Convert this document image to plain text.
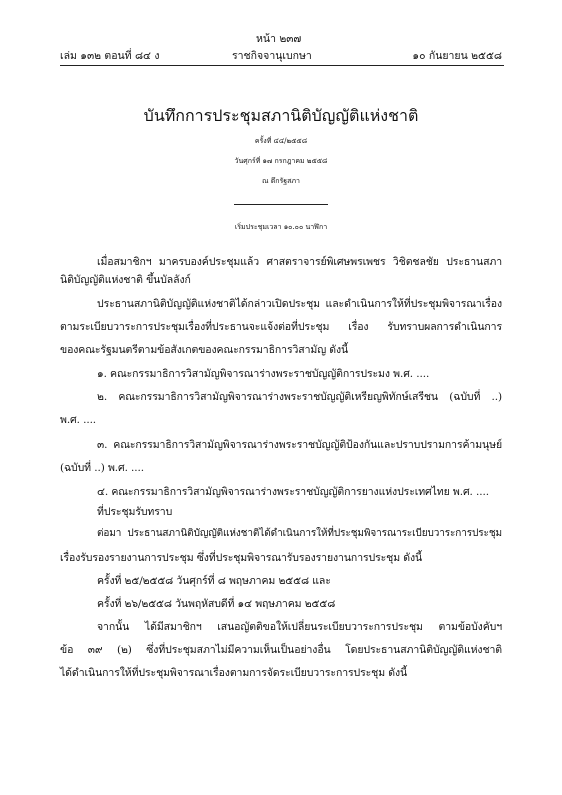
หน้า ๒๓๗
เล่ม ๑๓๒ ตอนที่ ๘๔ ง	ราชกิจจานุเบกษา	๑๐ กันยายน ๒๕๕๘
บันทึกการประชุมสภานิติบัญญัติแห่งชาติ
ครั้งที่ ๔๔/๒๕๕๘
วันศุกร์ที่ ๑๗ กรกฎาคม ๒๕๕๘
ณ ตึกรัฐสภา
เริ่มประชุมเวลา ๑๐.๐๐ นาฬิกา
เมื่อสมาชิกฯ มาครบองค์ประชุมแล้ว ศาสตราจารย์พิเศษพรเพชร วิชิตชลชัย ประธานสภา
นิติบัญญัติแห่งชาติ ขึ้นบัลลังก์
ประธานสภานิติบัญญัติแห่งชาติได้กล่าวเปิดประชุม และดำเนินการให้ที่ประชุมพิจารณาเรื่อง
ตามระเบียบวาระการประชุมเรื่องที่ประธานจะแจ้งต่อที่ประชุม เรื่อง รับทราบผลการดำเนินการ
ของคณะรัฐมนตรีตามข้อสังเกตของคณะกรรมาธิการวิสามัญ ดังนี้
๑. คณะกรรมาธิการวิสามัญพิจารณาร่างพระราชบัญญัติการประมง พ.ศ. ....
๒. คณะกรรมาธิการวิสามัญพิจารณาร่างพระราชบัญญัติเหรียญพิทักษ์เสรีชน (ฉบับที่ ..)
พ.ศ. ....
๓. คณะกรรมาธิการวิสามัญพิจารณาร่างพระราชบัญญัติป้องกันและปราบปรามการค้ามนุษย์
(ฉบับที่ ..) พ.ศ. ....
๔. คณะกรรมาธิการวิสามัญพิจารณาร่างพระราชบัญญัติการยางแห่งประเทศไทย พ.ศ. ....
ที่ประชุมรับทราบ
ต่อมา ประธานสภานิติบัญญัติแห่งชาติได้ดำเนินการให้ที่ประชุมพิจารณาระเบียบวาระการประชุม
เรื่องรับรองรายงานการประชุม ซึ่งที่ประชุมพิจารณารับรองรายงานการประชุม ดังนี้
ครั้งที่ ๒๕/๒๕๕๘ วันศุกร์ที่ ๘ พฤษภาคม ๒๕๕๘ และ
ครั้งที่ ๒๖/๒๕๕๘ วันพฤหัสบดีที่ ๑๔ พฤษภาคม ๒๕๕๘
จากนั้น ได้มีสมาชิกฯ เสนอญัตติขอให้เปลี่ยนระเบียบวาระการประชุม ตามข้อบังคับฯ
ข้อ ๓๙ (๒) ซึ่งที่ประชุมสภาไม่มีความเห็นเป็นอย่างอื่น โดยประธานสภานิติบัญญัติแห่งชาติ
ได้ดำเนินการให้ที่ประชุมพิจารณาเรื่องตามการจัดระเบียบวาระการประชุม ดังนี้
